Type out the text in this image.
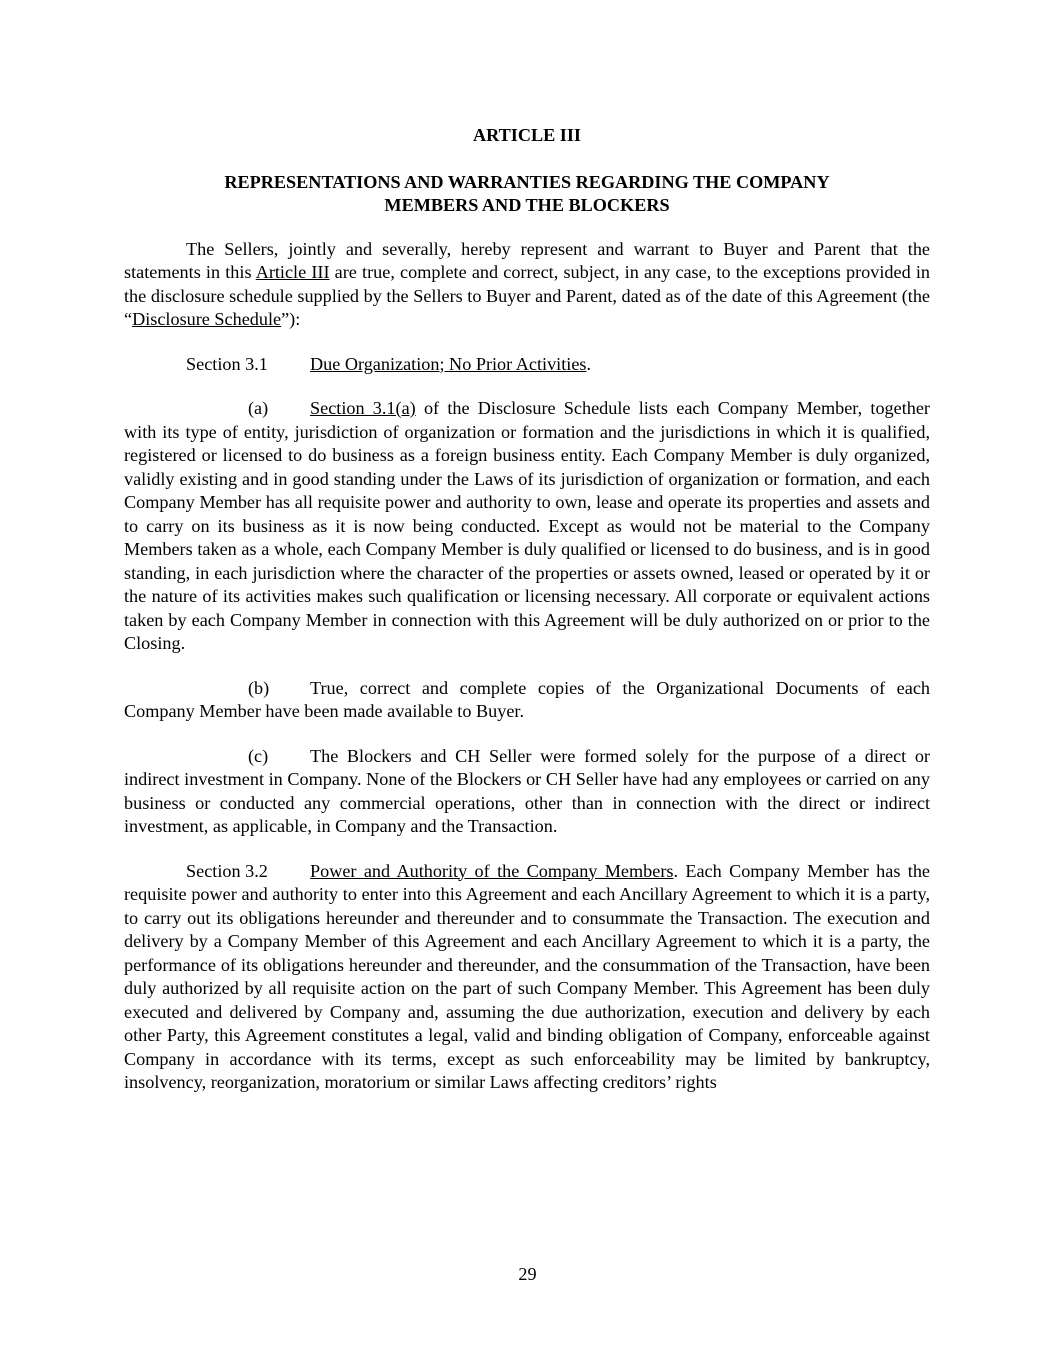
ARTICLE III
REPRESENTATIONS AND WARRANTIES REGARDING THE COMPANY
MEMBERS AND THE BLOCKERS

The Sellers, jointly and severally, hereby represent and warrant to Buyer and Parent that the statements in this Article III are true, complete and correct, subject, in any case, to the exceptions provided in the disclosure schedule supplied by the Sellers to Buyer and Parent, dated as of the date of this Agreement (the “Disclosure Schedule”):

Section 3.1 Due Organization; No Prior Activities.

(a) Section 3.1(a) of the Disclosure Schedule lists each Company Member, together with its type of entity, jurisdiction of organization or formation and the jurisdictions in which it is qualified, registered or licensed to do business as a foreign business entity. Each Company Member is duly organized, validly existing and in good standing under the Laws of its jurisdiction of organization or formation, and each Company Member has all requisite power and authority to own, lease and operate its properties and assets and to carry on its business as it is now being conducted. Except as would not be material to the Company Members taken as a whole, each Company Member is duly qualified or licensed to do business, and is in good standing, in each jurisdiction where the character of the properties or assets owned, leased or operated by it or the nature of its activities makes such qualification or licensing necessary. All corporate or equivalent actions taken by each Company Member in connection with this Agreement will be duly authorized on or prior to the Closing.

(b) True, correct and complete copies of the Organizational Documents of each Company Member have been made available to Buyer.

(c) The Blockers and CH Seller were formed solely for the purpose of a direct or indirect investment in Company. None of the Blockers or CH Seller have had any employees or carried on any business or conducted any commercial operations, other than in connection with the direct or indirect investment, as applicable, in Company and the Transaction.

Section 3.2 Power and Authority of the Company Members. Each Company Member has the requisite power and authority to enter into this Agreement and each Ancillary Agreement to which it is a party, to carry out its obligations hereunder and thereunder and to consummate the Transaction. The execution and delivery by a Company Member of this Agreement and each Ancillary Agreement to which it is a party, the performance of its obligations hereunder and thereunder, and the consummation of the Transaction, have been duly authorized by all requisite action on the part of such Company Member. This Agreement has been duly executed and delivered by Company and, assuming the due authorization, execution and delivery by each other Party, this Agreement constitutes a legal, valid and binding obligation of Company, enforceable against Company in accordance with its terms, except as such enforceability may be limited by bankruptcy, insolvency, reorganization, moratorium or similar Laws affecting creditors’ rights

29
